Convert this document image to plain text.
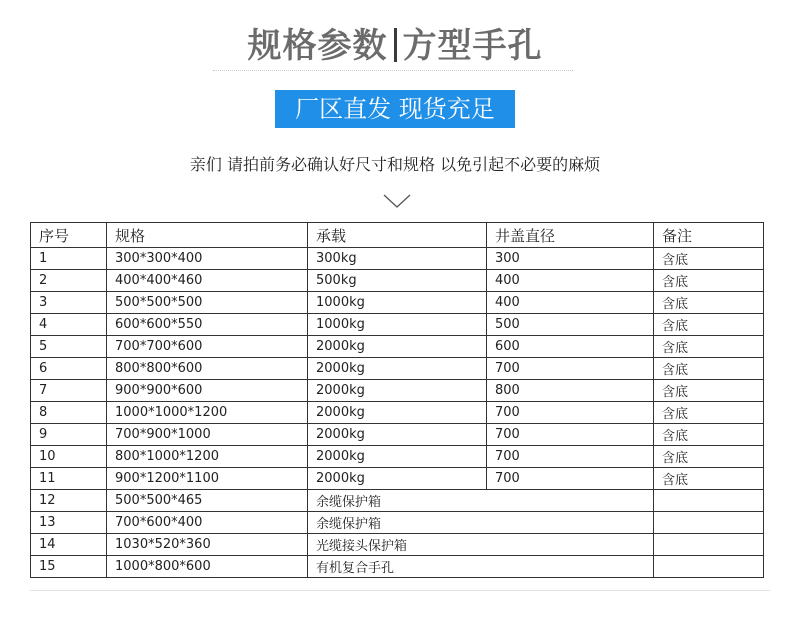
规格参数 方型手孔
厂区直发 现货充足
亲们 请拍前务必确认好尺寸和规格 以免引起不必要的麻烦
序号	规格	承载	井盖直径	备注
1	300*300*400	300kg	300	含底
2	400*400*460	500kg	400	含底
3	500*500*500	1000kg	400	含底
4	600*600*550	1000kg	500	含底
5	700*700*600	2000kg	600	含底
6	800*800*600	2000kg	700	含底
7	900*900*600	2000kg	800	含底
8	1000*1000*1200	2000kg	700	含底
9	700*900*1000	2000kg	700	含底
10	800*1000*1200	2000kg	700	含底
11	900*1200*1100	2000kg	700	含底
12	500*500*465	余缆保护箱		
13	700*600*400	余缆保护箱		
14	1030*520*360	光缆接头保护箱		
15	1000*800*600	有机复合手孔		
